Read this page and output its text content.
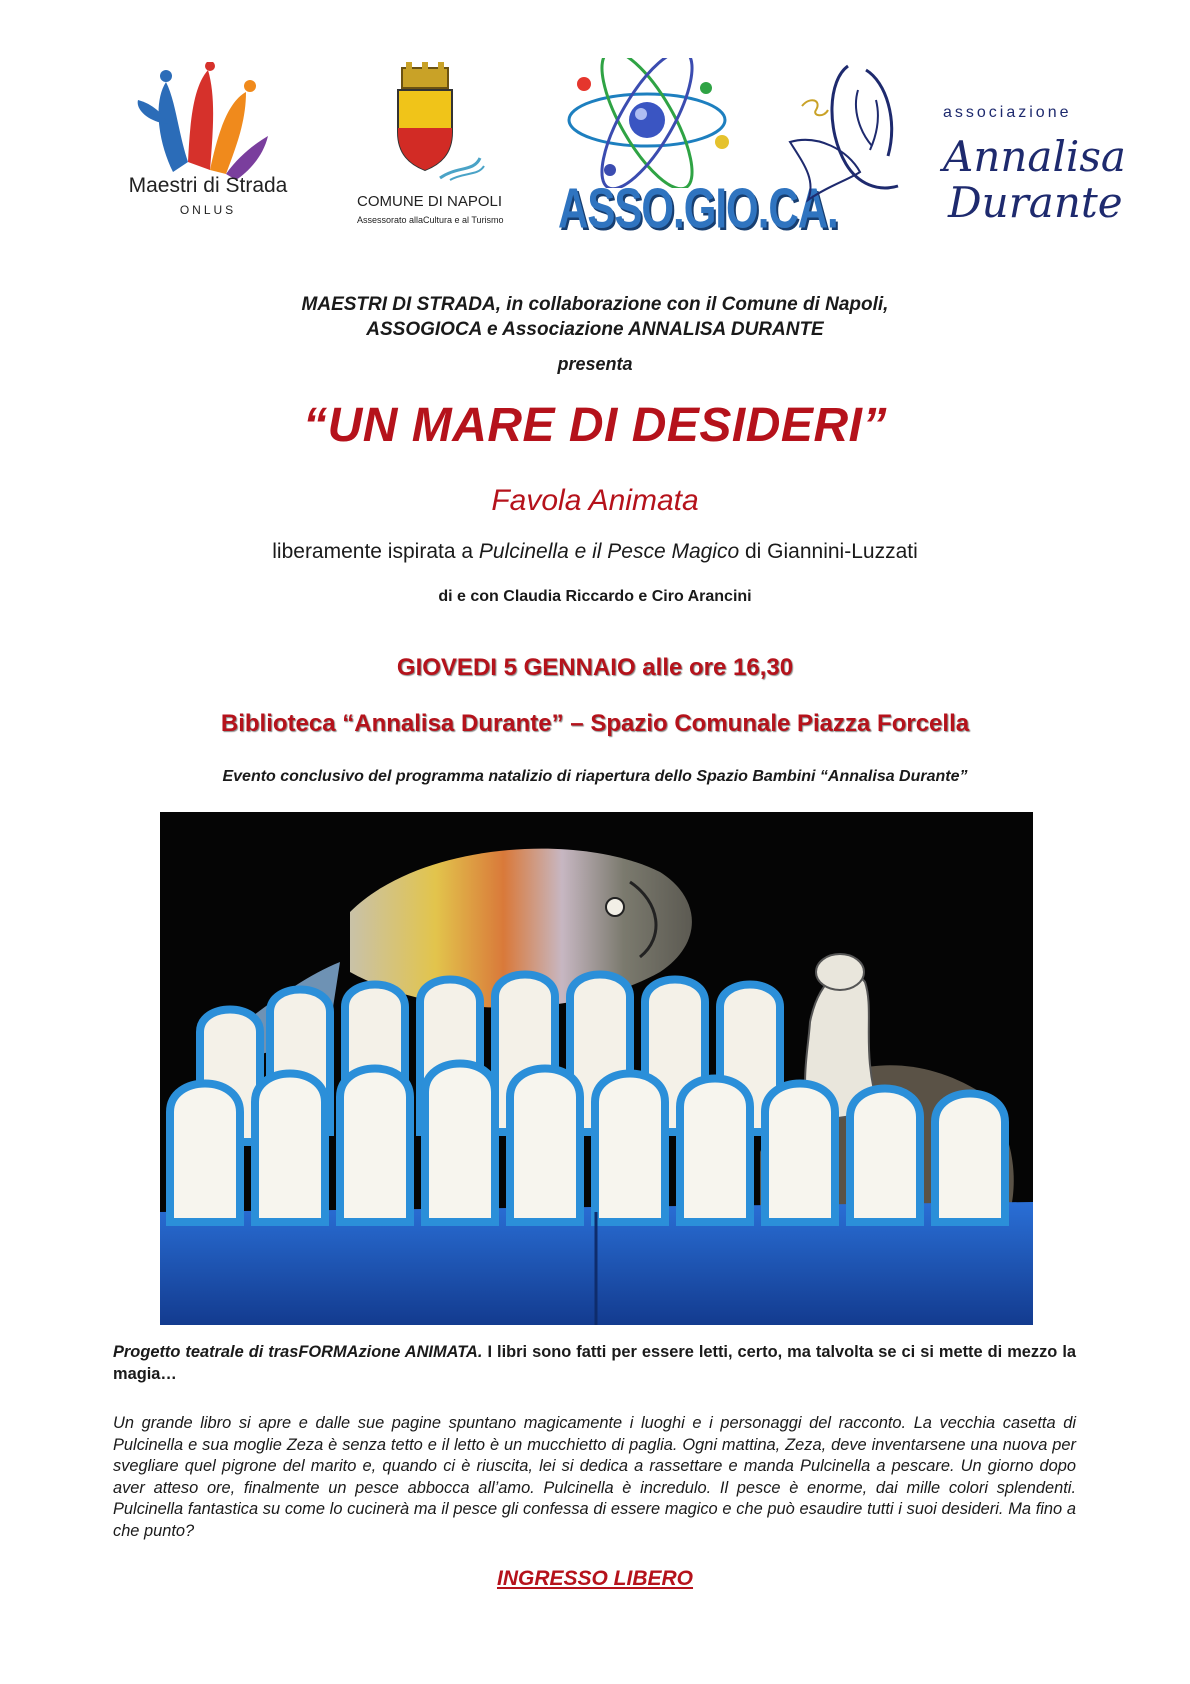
Maestri di Strada
ONLUS	COMUNE DI NAPOLI
Assessorato allaCultura e al Turismo ASSO.GIO.CA.
associazione
Annalisa
Durante
MAESTRI DI STRADA, in collaborazione con il Comune di Napoli,
ASSOGIOCA e Associazione ANNALISA DURANTE
presenta
“UN MARE DI DESIDERI”
Favola Animata
liberamente ispirata a Pulcinella e il Pesce Magico di Giannini-Luzzati
di e con Claudia Riccardo e Ciro Arancini
GIOVEDI 5 GENNAIO alle ore 16,30
Biblioteca “Annalisa Durante” – Spazio Comunale Piazza Forcella
Evento conclusivo del programma natalizio di riapertura dello Spazio Bambini “Annalisa Durante”
Progetto teatrale di trasFORMAzione ANIMATA. I libri sono fatti per essere letti, certo, ma talvolta se ci si mette di mezzo la magia…
Un grande libro si apre e dalle sue pagine spuntano magicamente i luoghi e i personaggi del racconto. La vecchia casetta di Pulcinella e sua moglie Zeza è senza tetto e il letto è un mucchietto di paglia. Ogni mattina, Zeza, deve inventarsene una nuova per svegliare quel pigrone del marito e, quando ci è riuscita, lei si dedica a rassettare e manda Pulcinella a pescare. Un giorno dopo aver atteso ore, finalmente un pesce abbocca all’amo. Pulcinella è incredulo. Il pesce è enorme, dai mille colori splendenti. Pulcinella fantastica su come lo cucinerà ma il pesce gli confessa di essere magico e che può esaudire tutti i suoi desideri. Ma fino a che punto?
INGRESSO LIBERO
